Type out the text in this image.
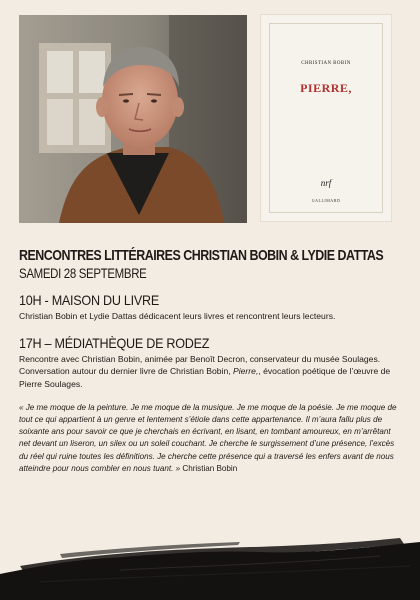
CHRISTIAN BOBIN
PIERRE,
nrf
GALLIMARD
RENCONTRES LITTÉRAIRES CHRISTIAN BOBIN & LYDIE DATTAS
SAMEDI 28 SEPTEMBRE
10H - MAISON DU LIVRE

Christian Bobin et Lydie Dattas dédicacent leurs livres et rencontrent leurs lecteurs.

17H – MÉDIATHÈQUE DE RODEZ

Rencontre avec Christian Bobin, animée par Benoît Decron, conservateur du musée Soulages. Conversation autour du dernier livre de Christian Bobin, Pierre,, évocation poétique de l’œuvre de Pierre Soulages.

« Je me moque de la peinture. Je me moque de la musique. Je me moque de la poésie. Je me moque de tout ce qui appartient à un genre et lentement s’étiole dans cette appartenance. Il m’aura fallu plus de soixante ans pour savoir ce que je cherchais en écrivant, en lisant, en tombant amoureux, en m’arrêtant net devant un liseron, un silex ou un soleil couchant. Je cherche le surgissement d’une présence, l’excès du réel qui ruine toutes les définitions. Je cherche cette présence qui a traversé les enfers avant de nous atteindre pour nous combler en nous tuant. » Christian Bobin
